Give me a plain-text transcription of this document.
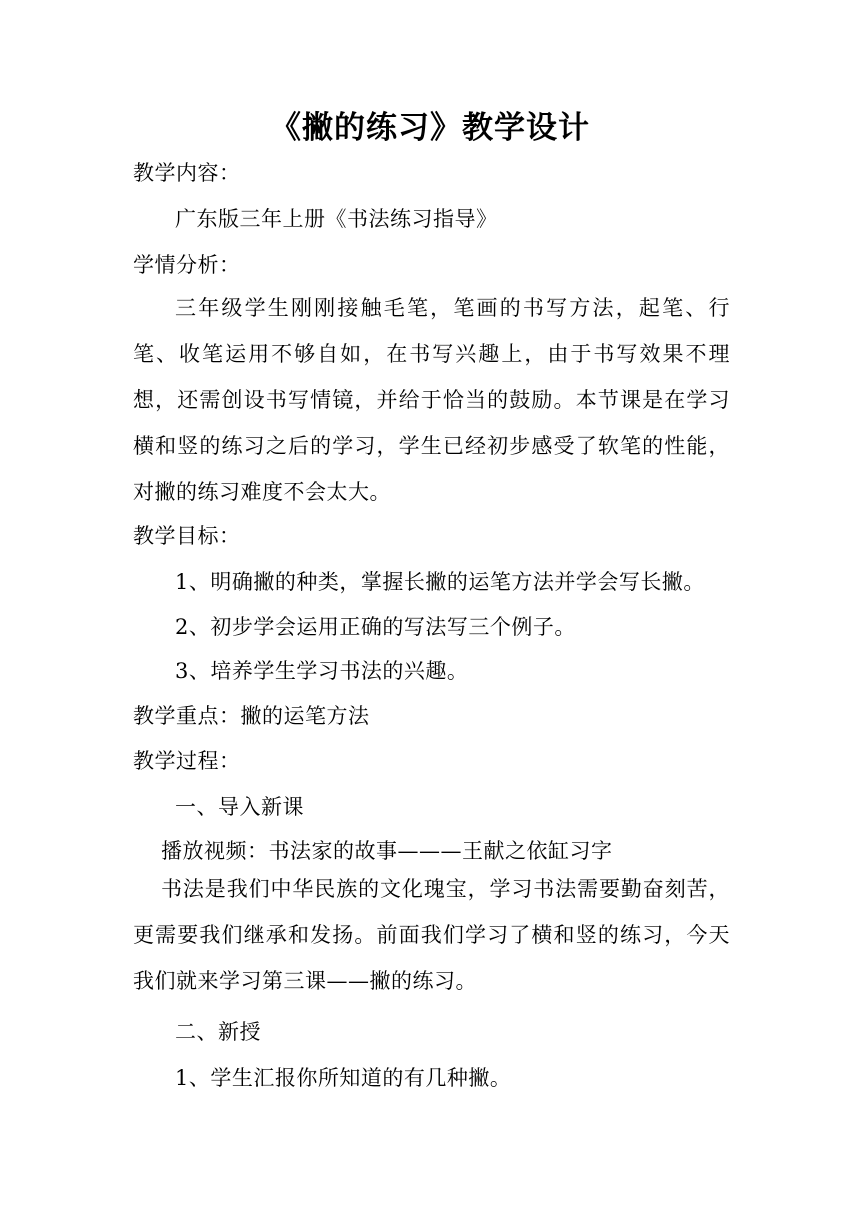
《撇的练习》教学设计
教学内容：
广东版三年上册《书法练习指导》
学情分析：
三年级学生刚刚接触毛笔，笔画的书写方法，起笔、行笔、收笔运用不够自如，在书写兴趣上，由于书写效果不理想，还需创设书写情镜，并给于恰当的鼓励。本节课是在学习横和竖的练习之后的学习，学生已经初步感受了软笔的性能，对撇的练习难度不会太大。
教学目标：
1、明确撇的种类，掌握长撇的运笔方法并学会写长撇。
2、初步学会运用正确的写法写三个例子。
3、培养学生学习书法的兴趣。
教学重点：撇的运笔方法
教学过程：
一、导入新课
播放视频：书法家的故事———王献之依缸习字
书法是我们中华民族的文化瑰宝，学习书法需要勤奋刻苦，更需要我们继承和发扬。前面我们学习了横和竖的练习，今天我们就来学习第三课——撇的练习。
二、新授
1、学生汇报你所知道的有几种撇。
